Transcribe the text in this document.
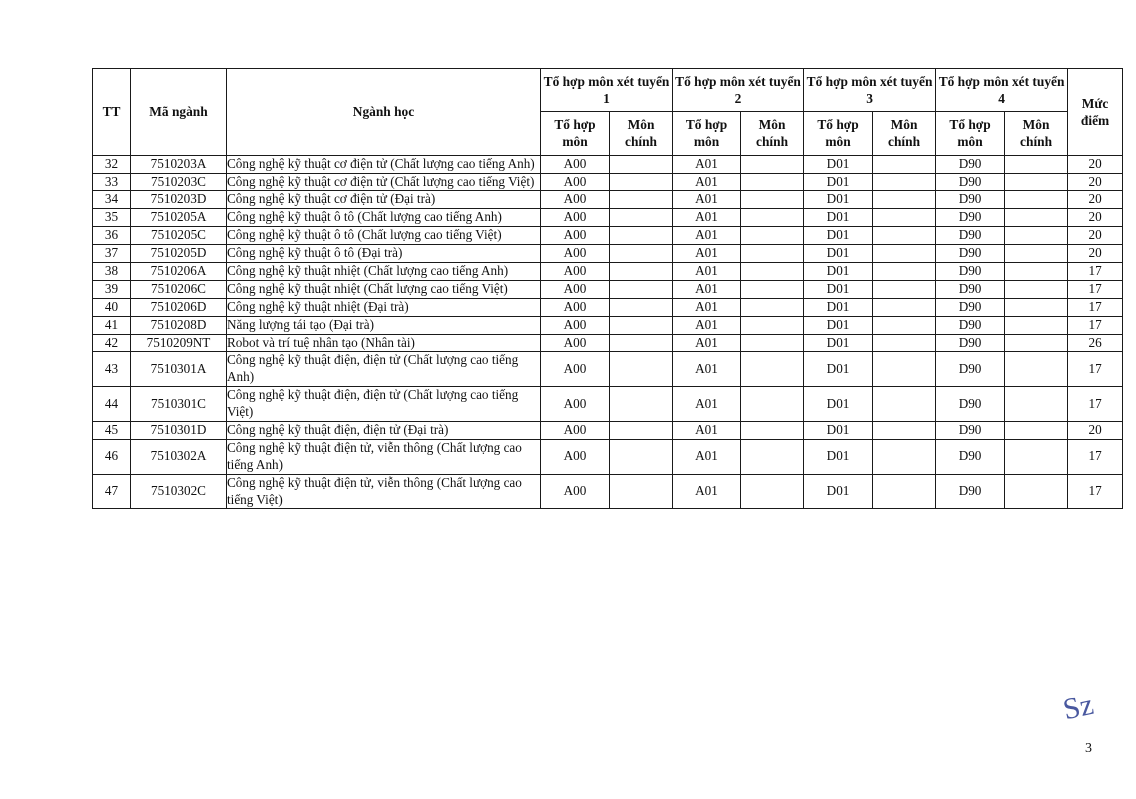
TT	Mã ngành	Ngành học	Tổ hợp môn xét tuyển 1		Tổ hợp môn xét tuyển 2		Tổ hợp môn xét tuyển 3		Tổ hợp môn xét tuyển 4		Mức điểm
			Tổ hợp môn	Môn chính	Tổ hợp môn	Môn chính	Tổ hợp môn	Môn chính	Tổ hợp môn	Môn chính	
32	7510203A	Công nghệ kỹ thuật cơ điện tử (Chất lượng cao tiếng Anh)	A00		A01		D01		D90		20
33	7510203C	Công nghệ kỹ thuật cơ điện tử (Chất lượng cao tiếng Việt)	A00		A01		D01		D90		20
34	7510203D	Công nghệ kỹ thuật cơ điện tử (Đại trà)	A00		A01		D01		D90		20
35	7510205A	Công nghệ kỹ thuật ô tô (Chất lượng cao tiếng Anh)	A00		A01		D01		D90		20
36	7510205C	Công nghệ kỹ thuật ô tô (Chất lượng cao tiếng Việt)	A00		A01		D01		D90		20
37	7510205D	Công nghệ kỹ thuật ô tô (Đại trà)	A00		A01		D01		D90		20
38	7510206A	Công nghệ kỹ thuật nhiệt (Chất lượng cao tiếng Anh)	A00		A01		D01		D90		17
39	7510206C	Công nghệ kỹ thuật nhiệt (Chất lượng cao tiếng Việt)	A00		A01		D01		D90		17
40	7510206D	Công nghệ kỹ thuật nhiệt (Đại trà)	A00		A01		D01		D90		17
41	7510208D	Năng lượng tái tạo (Đại trà)	A00		A01		D01		D90		17
42	7510209NT	Robot và trí tuệ nhân tạo (Nhân tài)	A00		A01		D01		D90		26
43	7510301A	Công nghệ kỹ thuật điện, điện tử (Chất lượng cao tiếng Anh)	A00		A01		D01		D90		17
44	7510301C	Công nghệ kỹ thuật điện, điện tử (Chất lượng cao tiếng Việt)	A00		A01		D01		D90		17
45	7510301D	Công nghệ kỹ thuật điện, điện tử (Đại trà)	A00		A01		D01		D90		20
46	7510302A	Công nghệ kỹ thuật điện tử, viễn thông (Chất lượng cao tiếng Anh)	A00		A01		D01		D90		17
47	7510302C	Công nghệ kỹ thuật điện tử, viễn thông (Chất lượng cao tiếng Việt)	A00		A01		D01		D90		17
Sz
3
